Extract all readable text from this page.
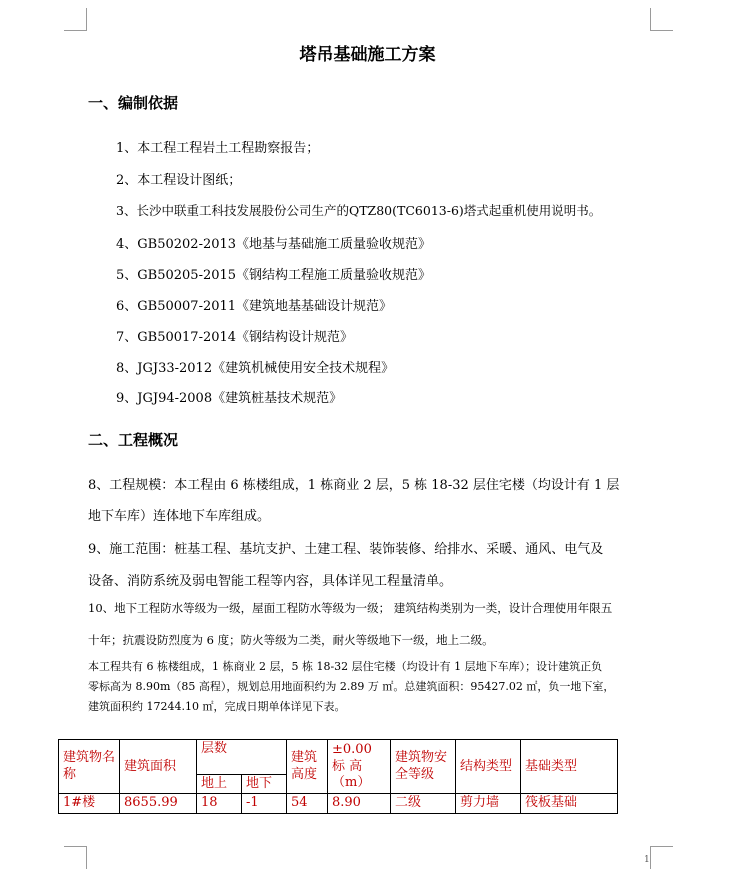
塔吊基础施工方案
一、编制依据
1、本工程工程岩土工程勘察报告；
2、本工程设计图纸；
3、长沙中联重工科技发展股份公司生产的QTZ80(TC6013-6)塔式起重机使用说明书。
4、GB50202-2013《地基与基础施工质量验收规范》
5、GB50205-2015《钢结构工程施工质量验收规范》
6、GB50007-2011《建筑地基基础设计规范》
7、GB50017-2014《钢结构设计规范》
8、JGJ33-2012《建筑机械使用安全技术规程》
9、JGJ94-2008《建筑桩基技术规范》
二、工程概况
8、工程规模：本工程由 6 栋楼组成，1 栋商业 2 层，5 栋 18-32 层住宅楼（均设计有 1 层
地下车库）连体地下车库组成。
9、施工范围：桩基工程、基坑支护、土建工程、装饰装修、给排水、采暖、通风、电气及
设备、消防系统及弱电智能工程等内容，具体详见工程量清单。
10、地下工程防水等级为一级，屋面工程防水等级为一级； 建筑结构类别为一类，设计合理使用年限五
十年；抗震设防烈度为 6 度；防火等级为二类，耐火等级地下一级，地上二级。
本工程共有 6 栋楼组成，1 栋商业 2 层，5 栋 18-32 层住宅楼（均设计有 1 层地下车库）；设计建筑正负
零标高为 8.90m（85 高程），规划总用地面积约为 2.89 万 ㎡。总建筑面积：95427.02 ㎡，负一地下室，
建筑面积约 17244.10 ㎡，完成日期单体详见下表。
建筑物名称	建筑面积	层数		建筑高度	±0.00 标 高（m）	建筑物安全等级	结构类型	基础类型
		地上	地下					
1#楼	8655.99	18	-1	54	8.90	二级	剪力墙	筏板基础
1
